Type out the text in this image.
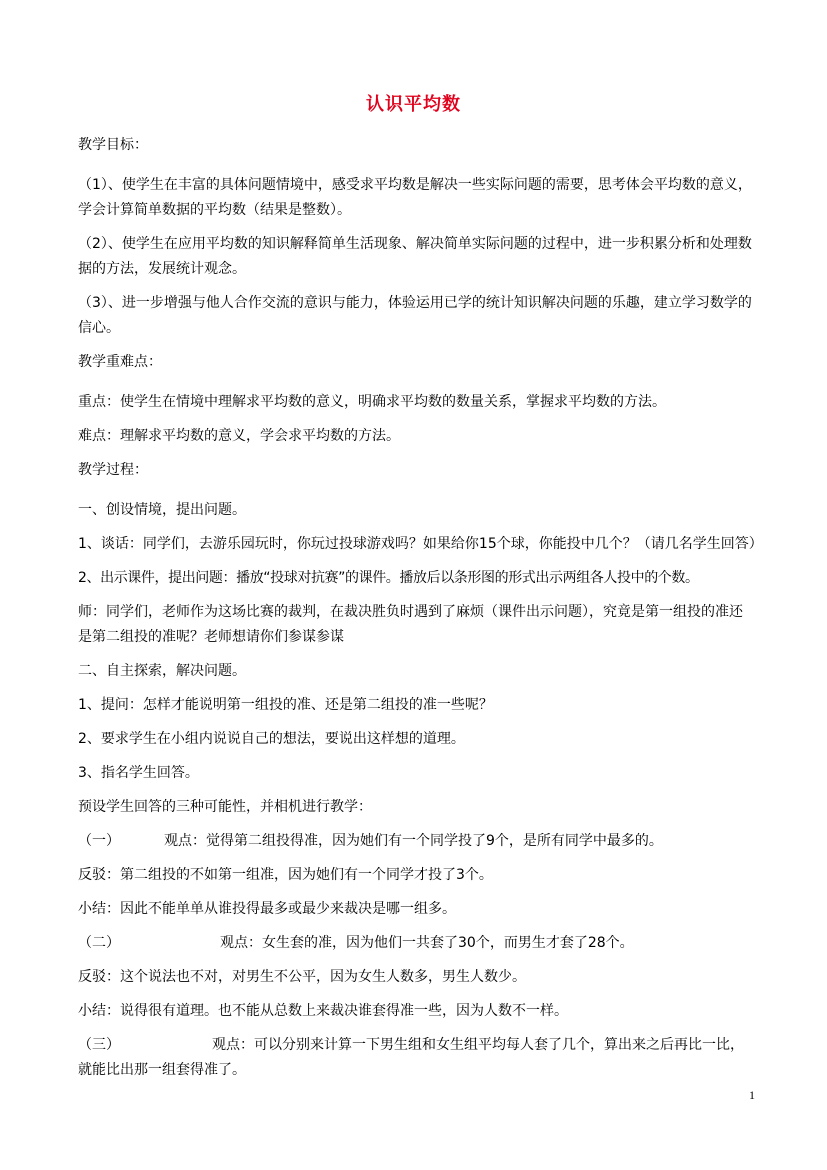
认识平均数

教学目标：

（1）、使学生在丰富的具体问题情境中，感受求平均数是解决一些实际问题的需要，思考体会平均数的意义，学会计算简单数据的平均数（结果是整数）。

（2）、使学生在应用平均数的知识解释简单生活现象、解决简单实际问题的过程中，进一步积累分析和处理数据的方法，发展统计观念。

（3）、进一步增强与他人合作交流的意识与能力，体验运用已学的统计知识解决问题的乐趣，建立学习数学的信心。

教学重难点：

重点：使学生在情境中理解求平均数的意义，明确求平均数的数量关系，掌握求平均数的方法。

难点：理解求平均数的意义，学会求平均数的方法。

教学过程：

一、创设情境，提出问题。

1、谈话：同学们，去游乐园玩时，你玩过投球游戏吗？如果给你15个球，你能投中几个？（请几名学生回答）

2、出示课件，提出问题：播放“投球对抗赛”的课件。播放后以条形图的形式出示两组各人投中的个数。

师：同学们，老师作为这场比赛的裁判，在裁决胜负时遇到了麻烦（课件出示问题），究竟是第一组投的准还是第二组投的准呢？老师想请你们参谋参谋

二、自主探索，解决问题。

1、提问：怎样才能说明第一组投的准、还是第二组投的准一些呢？

2、要求学生在小组内说说自己的想法，要说出这样想的道理。

3、指名学生回答。

预设学生回答的三种可能性，并相机进行教学：

（一）	观点：觉得第二组投得准，因为她们有一个同学投了9个，是所有同学中最多的。

反驳：第二组投的不如第一组准，因为她们有一个同学才投了3个。

小结：因此不能单单从谁投得最多或最少来裁决是哪一组多。

（二）	观点：女生套的准，因为他们一共套了30个，而男生才套了28个。

反驳：这个说法也不对，对男生不公平，因为女生人数多，男生人数少。

小结：说得很有道理。也不能从总数上来裁决谁套得准一些，因为人数不一样。

（三）	观点：可以分别来计算一下男生组和女生组平均每人套了几个，算出来之后再比一比，就能比出那一组套得准了。

1
